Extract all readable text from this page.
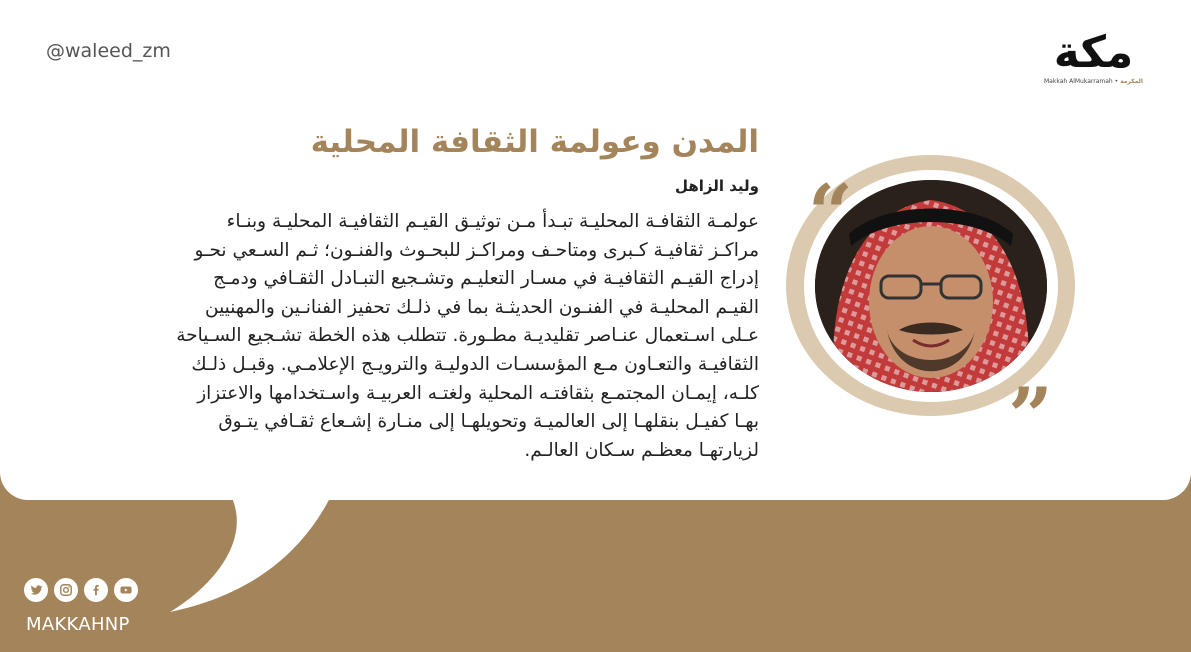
@waleed_zm	مكة
Makkah AlMukarramah • المكرمة
المدن وعولمة الثقافة المحلية
وليد الزاهل

عولمـة الثقافـة المحليـة تبـدأ مـن توثيـق القيـم الثقافيـة المحليـة وبنـاء
مراكـز ثقافيـة كـبرى ومتاحـف ومراكـز للبحـوث والفنـون؛ ثـم السـعي نحـو
إدراج القيـم الثقافيـة في مسـار التعليـم وتشـجيع التبـادل الثقـافي ودمـج
القيـم المحليـة في الفنـون الحديثـة بما في ذلـك تحفيز الفنانـين والمهنيين
عـلى اسـتعمال عنـاصر تقليديـة مطـورة. تتطلب هذه الخطة تشـجيع السـياحة
الثقافيـة والتعـاون مـع المؤسسـات الدوليـة والترويـج الإعلامـي. وقبـل ذلـك
كلـه، إيمـان المجتمـع بثقافتـه المحلية ولغتـه العربيـة واسـتخدامها والاعتزاز
بهـا كفيـل بنقلهـا إلى العالميـة وتحويلهـا إلى منـارة إشـعاع ثقـافي يتـوق
لزيارتهـا معظـم سـكان العالـم.

“
”
MAKKAHNP
